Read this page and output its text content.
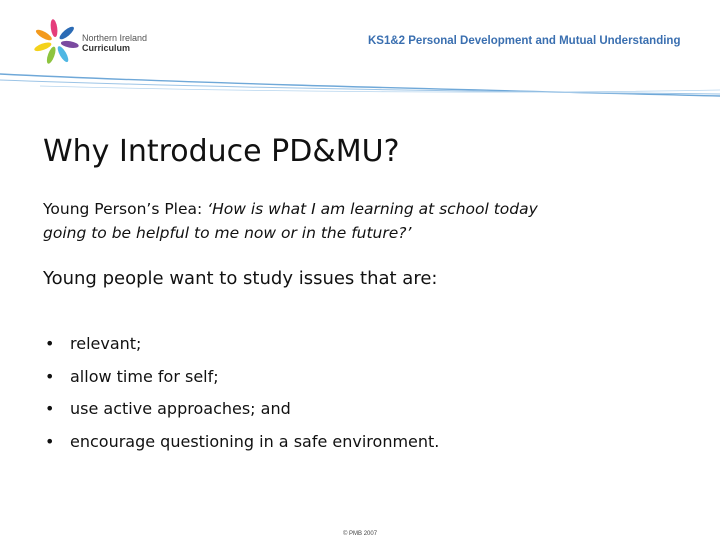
Northern Ireland
Curriculum
KS1&2 Personal Development and Mutual Understanding
Why Introduce PD&MU?
Young Person’s Plea: ‘How is what I am learning at school today
going to be helpful to me now or in the future?’
Young people want to study issues that are:
• relevant;
• allow time for self;
• use active approaches; and
• encourage questioning in a safe environment.
© PMB 2007
